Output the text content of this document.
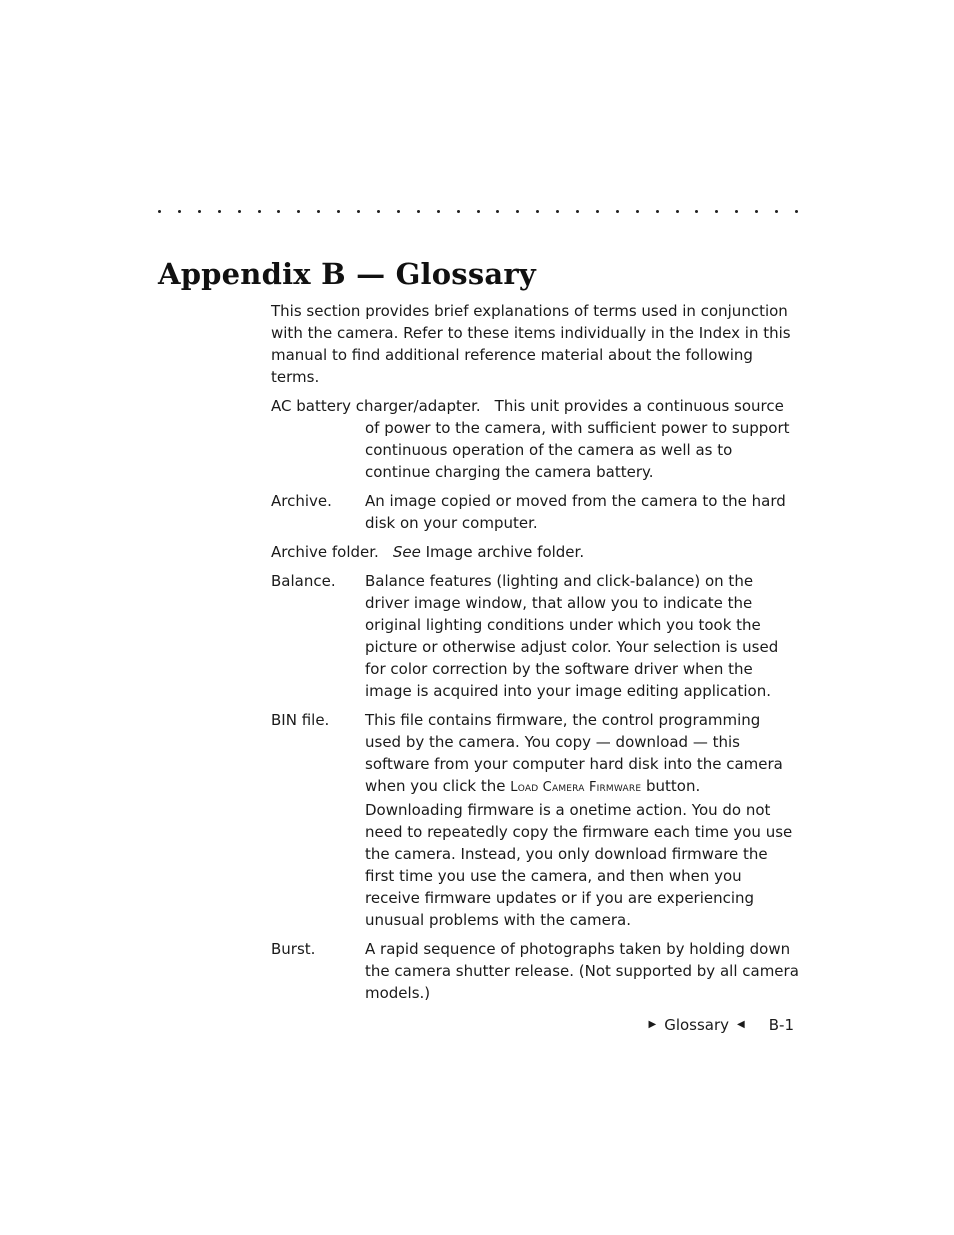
Appendix B — Glossary

This section provides brief explanations of terms used in conjunction with the camera. Refer to these items individually in the Index in this manual to find additional reference material about the following terms.

AC battery charger/adapter. This unit provides a continuous source of power to the camera, with sufficient power to support continuous operation of the camera as well as to continue charging the camera battery.
Archive.	An image copied or moved from the camera to the hard disk on your computer.
Archive folder. See Image archive folder.
Balance.	Balance features (lighting and click-balance) on the driver image window, that allow you to indicate the original lighting conditions under which you took the picture or otherwise adjust color. Your selection is used for color correction by the software driver when the image is acquired into your image editing application.
BIN file.	This file contains firmware, the control programming used by the camera. You copy — download — this software from your computer hard disk into the camera when you click the Load Camera Firmware button. Downloading firmware is a onetime action. You do not need to repeatedly copy the firmware each time you use the camera. Instead, you only download firmware the first time you use the camera, and then when you receive firmware updates or if you are experiencing unusual problems with the camera.
Burst.	A rapid sequence of photographs taken by holding down the camera shutter release. (Not supported by all camera models.)
▶ Glossary ◀ B-1
